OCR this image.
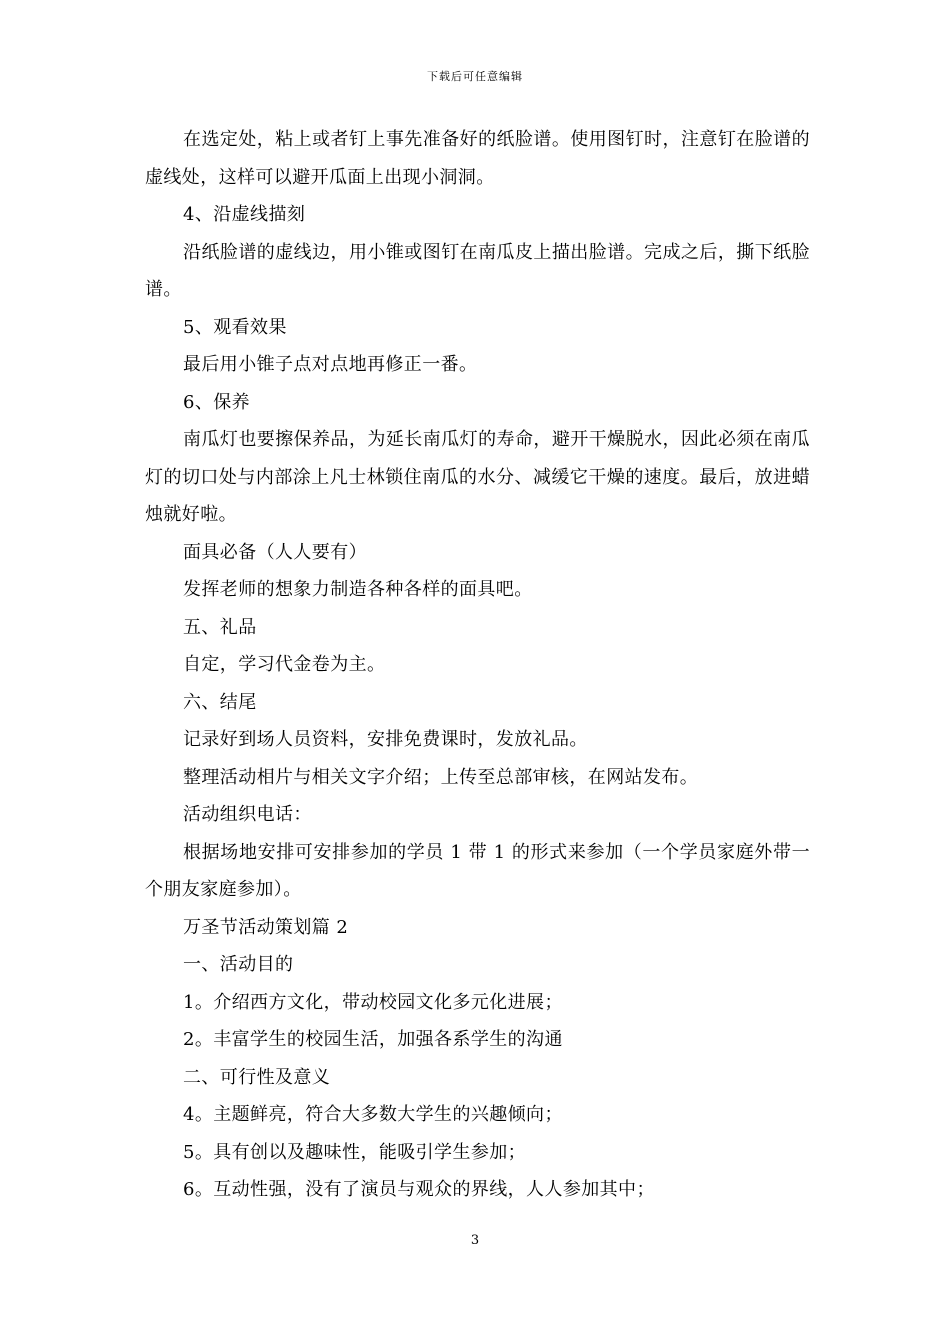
下载后可任意编辑

在选定处，粘上或者钉上事先准备好的纸脸谱。使用图钉时，注意钉在脸谱的虚线处，这样可以避开瓜面上出现小洞洞。

4、沿虚线描刻

沿纸脸谱的虚线边，用小锥或图钉在南瓜皮上描出脸谱。完成之后，撕下纸脸谱。

5、观看效果

最后用小锥子点对点地再修正一番。

6、保养

南瓜灯也要擦保养品，为延长南瓜灯的寿命，避开干燥脱水，因此必须在南瓜灯的切口处与内部涂上凡士林锁住南瓜的水分、减缓它干燥的速度。最后，放进蜡烛就好啦。

面具必备（人人要有）

发挥老师的想象力制造各种各样的面具吧。

五、礼品

自定，学习代金卷为主。

六、结尾

记录好到场人员资料，安排免费课时，发放礼品。

整理活动相片与相关文字介绍；上传至总部审核，在网站发布。

活动组织电话：

根据场地安排可安排参加的学员 1 带 1 的形式来参加（一个学员家庭外带一个朋友家庭参加）。

万圣节活动策划篇 2

一、活动目的

1。介绍西方文化，带动校园文化多元化进展；

2。丰富学生的校园生活，加强各系学生的沟通

二、可行性及意义

4。主题鲜亮，符合大多数大学生的兴趣倾向；

5。具有创以及趣味性，能吸引学生参加；

6。互动性强，没有了演员与观众的界线，人人参加其中；

3
